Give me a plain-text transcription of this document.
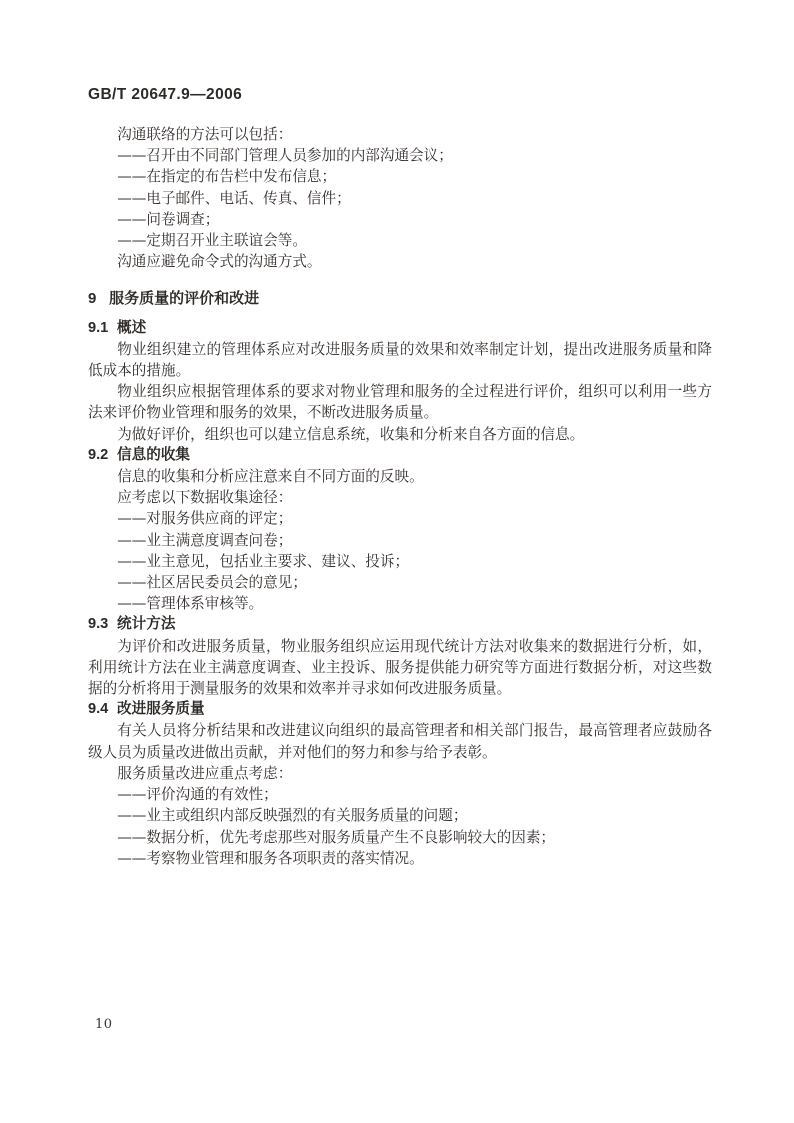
GB/T 20647.9—2006

沟通联络的方法可以包括：

——召开由不同部门管理人员参加的内部沟通会议；

——在指定的布告栏中发布信息；

——电子邮件、电话、传真、信件；

——问卷调查；

——定期召开业主联谊会等。

沟通应避免命令式的沟通方式。

9 服务质量的评价和改进
9.1 概述

物业组织建立的管理体系应对改进服务质量的效果和效率制定计划，提出改进服务质量和降低成本的措施。

物业组织应根据管理体系的要求对物业管理和服务的全过程进行评价，组织可以利用一些方法来评价物业管理和服务的效果，不断改进服务质量。

为做好评价，组织也可以建立信息系统，收集和分析来自各方面的信息。

9.2 信息的收集

信息的收集和分析应注意来自不同方面的反映。

应考虑以下数据收集途径：

——对服务供应商的评定；

——业主满意度调查问卷；

——业主意见，包括业主要求、建议、投诉；

——社区居民委员会的意见；

——管理体系审核等。

9.3 统计方法

为评价和改进服务质量，物业服务组织应运用现代统计方法对收集来的数据进行分析，如，利用统计方法在业主满意度调查、业主投诉、服务提供能力研究等方面进行数据分析，对这些数据的分析将用于测量服务的效果和效率并寻求如何改进服务质量。

9.4 改进服务质量

有关人员将分析结果和改进建议向组织的最高管理者和相关部门报告，最高管理者应鼓励各级人员为质量改进做出贡献，并对他们的努力和参与给予表彰。

服务质量改进应重点考虑：

——评价沟通的有效性；

——业主或组织内部反映强烈的有关服务质量的问题；

——数据分析，优先考虑那些对服务质量产生不良影响较大的因素；

——考察物业管理和服务各项职责的落实情况。

10
